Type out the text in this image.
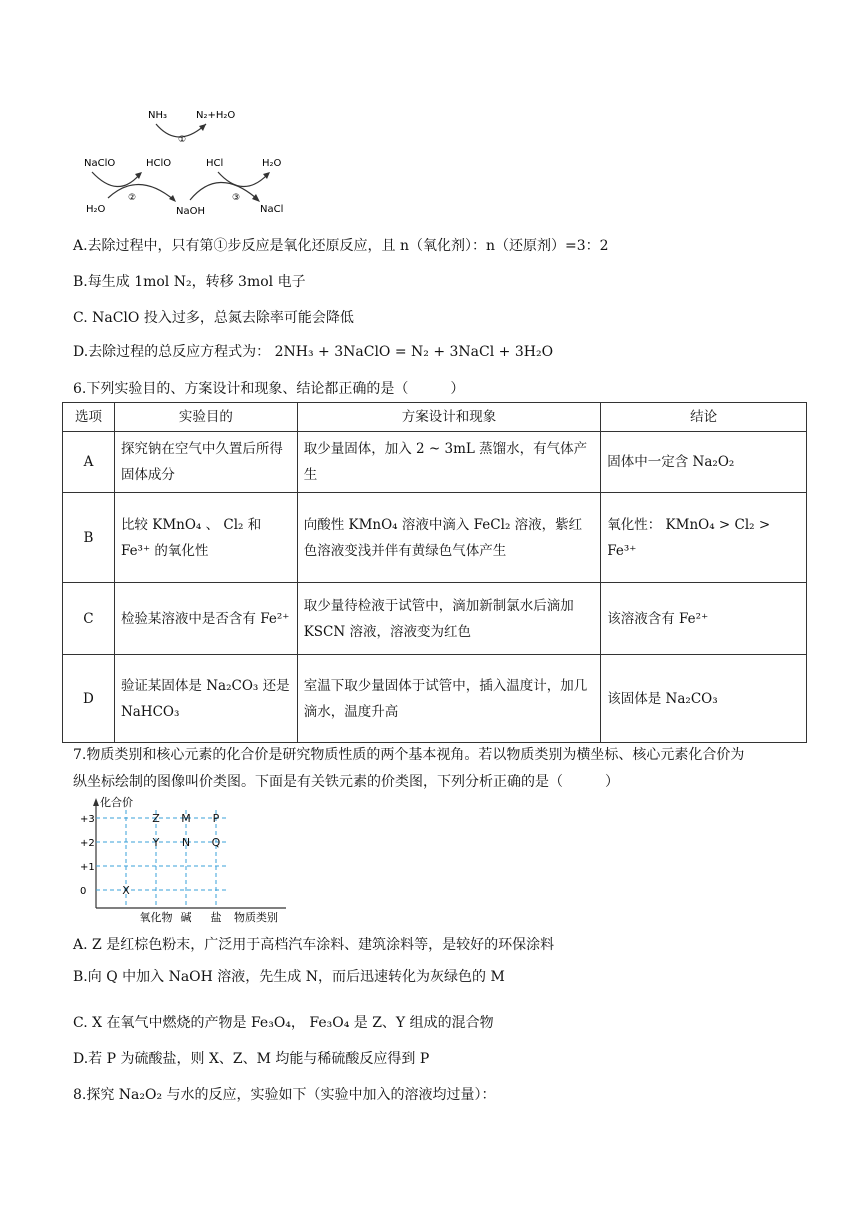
NH₃	N₂+H₂O
①
NaClO	HClO	HCl	H₂O
H₂O
②
NaOH
③
NaCl
A.去除过程中，只有第①步反应是氧化还原反应，且 n（氧化剂）：n（还原剂）=3：2
B.每生成 1mol N₂，转移 3mol 电子
C. NaClO 投入过多，总氮去除率可能会降低
D.去除过程的总反应方程式为： 2NH₃ + 3NaClO = N₂ + 3NaCl + 3H₂O
6.下列实验目的、方案设计和现象、结论都正确的是（　　　）
选项	实验目的	方案设计和现象	结论
A	探究钠在空气中久置后所得固体成分	取少量固体，加入 2 ~ 3mL 蒸馏水，有气体产生	固体中一定含 Na₂O₂
B	比较 KMnO₄ 、 Cl₂ 和 Fe³⁺ 的氧化性	向酸性 KMnO₄ 溶液中滴入 FeCl₂ 溶液，紫红色溶液变浅并伴有黄绿色气体产生	氧化性： KMnO₄ > Cl₂ > Fe³⁺
C	检验某溶液中是否含有 Fe²⁺	取少量待检液于试管中，滴加新制氯水后滴加 KSCN 溶液，溶液变为红色	该溶液含有 Fe²⁺
D	验证某固体是 Na₂CO₃ 还是 NaHCO₃	室温下取少量固体于试管中，插入温度计，加几滴水，温度升高	该固体是 Na₂CO₃
7.物质类别和核心元素的化合价是研究物质性质的两个基本视角。若以物质类别为横坐标、核心元素化合价为
纵坐标绘制的图像叫价类图。下面是有关铁元素的价类图，下列分析正确的是（　　　）
化合价
物质类别
+3
+2
+1
0
氧化物 碱 盐
X
Z
Y
M
N
P
Q
A. Z 是红棕色粉末，广泛用于高档汽车涂料、建筑涂料等，是较好的环保涂料
B.向 Q 中加入 NaOH 溶液，先生成 N，而后迅速转化为灰绿色的 M
C. X 在氧气中燃烧的产物是 Fe₃O₄， Fe₃O₄ 是 Z、Y 组成的混合物
D.若 P 为硫酸盐，则 X、Z、M 均能与稀硫酸反应得到 P
8.探究 Na₂O₂ 与水的反应，实验如下（实验中加入的溶液均过量）：
